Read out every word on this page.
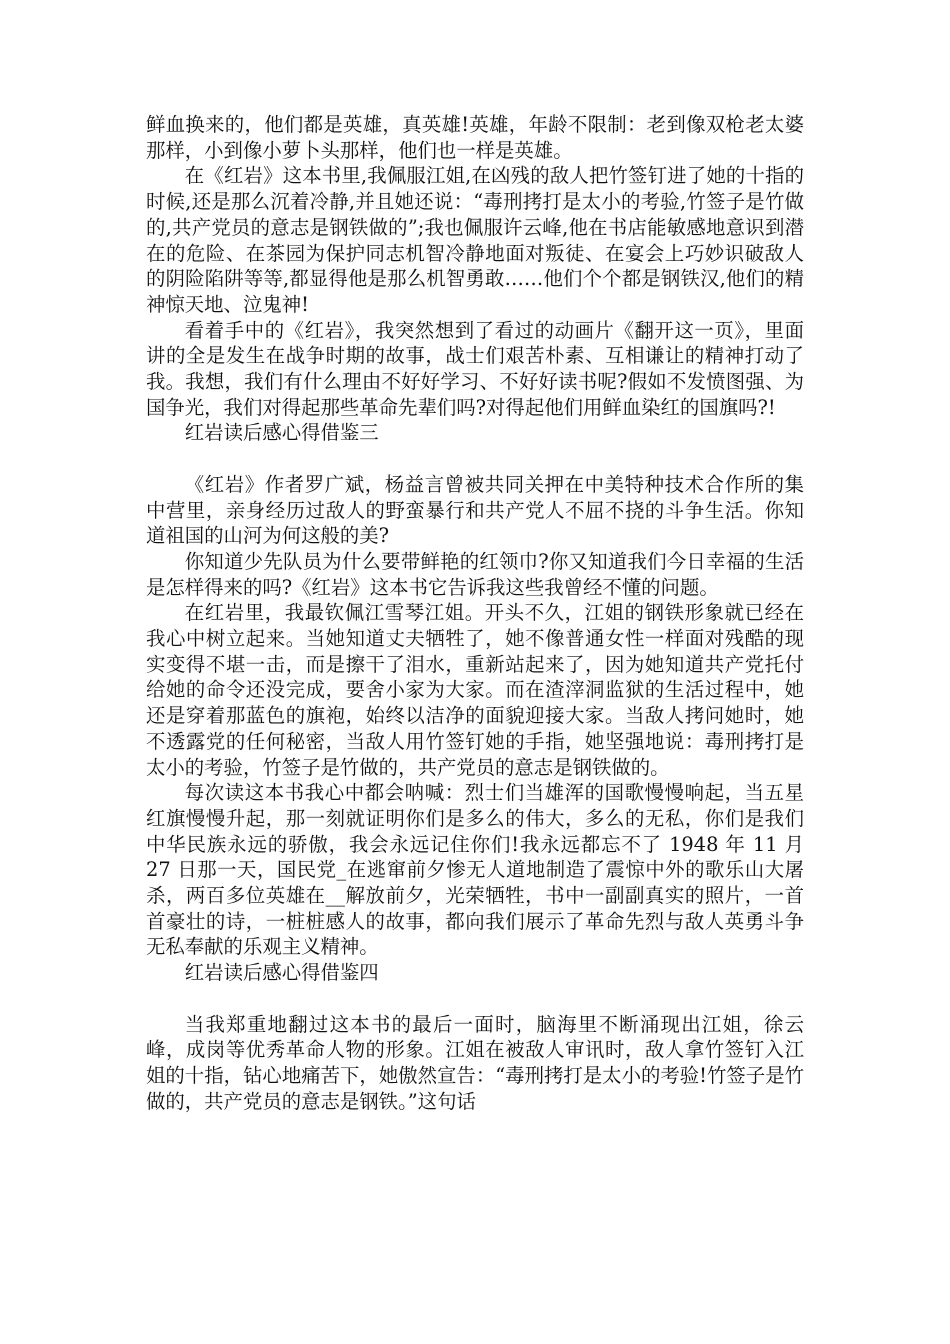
鲜血换来的，他们都是英雄，真英雄!英雄，年龄不限制：老到像双枪老太婆那样，小到像小萝卜头那样，他们也一样是英雄。

在《红岩》这本书里,我佩服江姐,在凶残的敌人把竹签钉进了她的十指的时候,还是那么沉着冷静,并且她还说：“毒刑拷打是太小的考验,竹签子是竹做的,共产党员的意志是钢铁做的”;我也佩服许云峰,他在书店能敏感地意识到潜在的危险、在茶园为保护同志机智冷静地面对叛徒、在宴会上巧妙识破敌人的阴险陷阱等等,都显得他是那么机智勇敢……他们个个都是钢铁汉,他们的精神惊天地、泣鬼神!

看着手中的《红岩》，我突然想到了看过的动画片《翻开这一页》，里面讲的全是发生在战争时期的故事，战士们艰苦朴素、互相谦让的精神打动了我。我想，我们有什么理由不好好学习、不好好读书呢?假如不发愤图强、为国争光，我们对得起那些革命先辈们吗?对得起他们用鲜血染红的国旗吗?!

红岩读后感心得借鉴三

《红岩》作者罗广斌，杨益言曾被共同关押在中美特种技术合作所的集中营里，亲身经历过敌人的野蛮暴行和共产党人不屈不挠的斗争生活。你知道祖国的山河为何这般的美?

你知道少先队员为什么要带鲜艳的红领巾?你又知道我们今日幸福的生活是怎样得来的吗?《红岩》这本书它告诉我这些我曾经不懂的问题。

在红岩里，我最钦佩江雪琴江姐。开头不久，江姐的钢铁形象就已经在我心中树立起来。当她知道丈夫牺牲了，她不像普通女性一样面对残酷的现实变得不堪一击，而是擦干了泪水，重新站起来了，因为她知道共产党托付给她的命令还没完成，要舍小家为大家。而在渣滓洞监狱的生活过程中，她还是穿着那蓝色的旗袍，始终以洁净的面貌迎接大家。当敌人拷问她时，她不透露党的任何秘密，当敌人用竹签钉她的手指，她坚强地说：毒刑拷打是太小的考验，竹签子是竹做的，共产党员的意志是钢铁做的。

每次读这本书我心中都会呐喊：烈士们当雄浑的国歌慢慢响起，当五星红旗慢慢升起，那一刻就证明你们是多么的伟大，多么的无私，你们是我们中华民族永远的骄傲，我会永远记住你们!我永远都忘不了 1948 年 11 月 27 日那一天，国民党_在逃窜前夕惨无人道地制造了震惊中外的歌乐山大屠杀，两百多位英雄在__解放前夕，光荣牺牲，书中一副副真实的照片，一首首豪壮的诗，一桩桩感人的故事，都向我们展示了革命先烈与敌人英勇斗争无私奉献的乐观主义精神。

红岩读后感心得借鉴四

当我郑重地翻过这本书的最后一面时，脑海里不断涌现出江姐，徐云峰，成岗等优秀革命人物的形象。江姐在被敌人审讯时，敌人拿竹签钉入江姐的十指，钻心地痛苦下，她傲然宣告：“毒刑拷打是太小的考验!竹签子是竹做的，共产党员的意志是钢铁。”这句话
